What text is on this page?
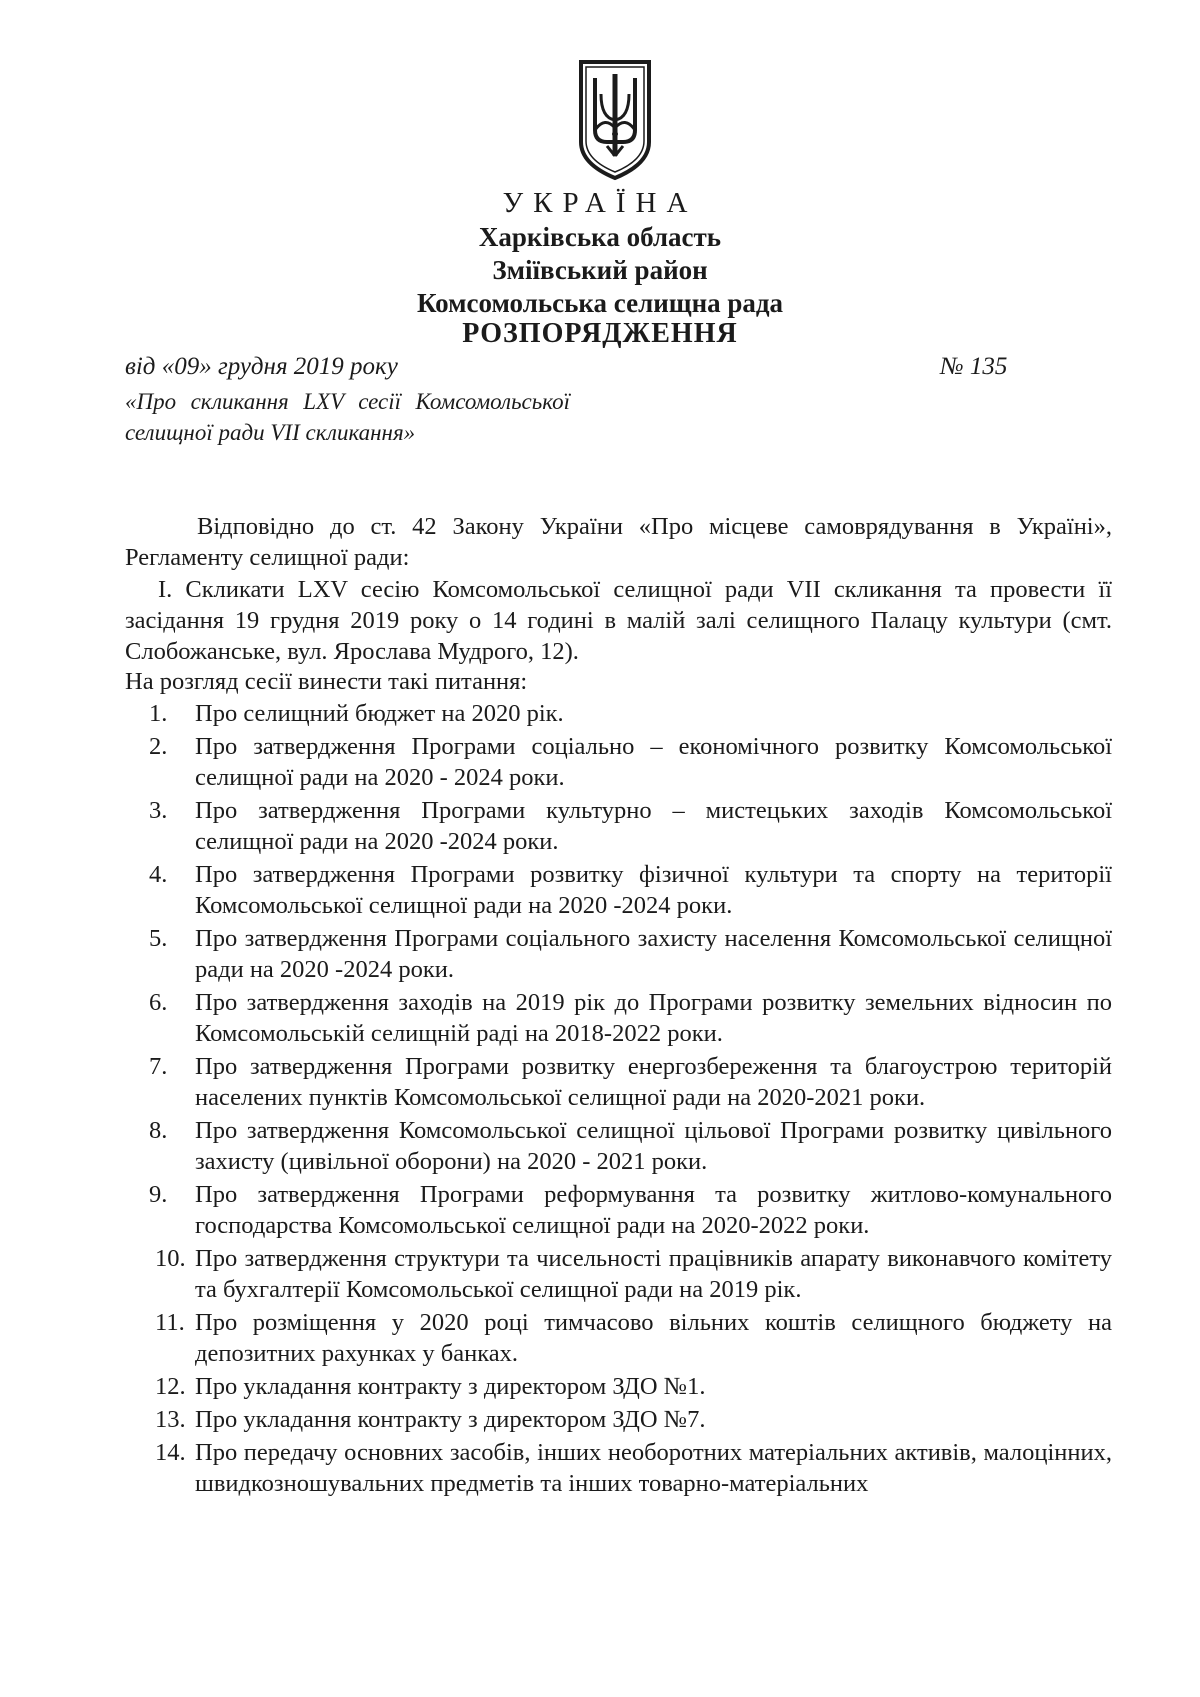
УКРАЇНА
Харківська область
Зміївський район
Комсомольська селищна рада
РОЗПОРЯДЖЕННЯ
від «09» грудня 2019 року	№ 135
«Про скликання LXV сесії Комсомольської селищної ради VII скликання»
Відповідно до ст. 42 Закону України «Про місцеве самоврядування в Україні», Регламенту селищної ради:
І. Скликати LXV сесію Комсомольської селищної ради VII скликання та провести її засідання 19 грудня 2019 року о 14 годині в малій залі селищного Палацу культури (смт. Слобожанське, вул. Ярослава Мудрого, 12).
На розгляд сесії винести такі питання:
1. Про селищний бюджет на 2020 рік.
2. Про затвердження Програми соціально – економічного розвитку Комсомольської селищної ради на 2020 - 2024 роки.
3. Про затвердження Програми культурно – мистецьких заходів Комсомольської селищної ради на 2020 -2024 роки.
4. Про затвердження Програми розвитку фізичної культури та спорту на території Комсомольської селищної ради на 2020 -2024 роки.
5. Про затвердження Програми соціального захисту населення Комсомольської селищної ради на 2020 -2024 роки.
6. Про затвердження заходів на 2019 рік до Програми розвитку земельних відносин по Комсомольській селищній раді на 2018-2022 роки.
7. Про затвердження Програми розвитку енергозбереження та благоустрою територій населених пунктів Комсомольської селищної ради на 2020-2021 роки.
8. Про затвердження Комсомольської селищної цільової Програми розвитку цивільного захисту (цивільної оборони) на 2020 - 2021 роки.
9. Про затвердження Програми реформування та розвитку житлово-комунального господарства Комсомольської селищної ради на 2020-2022 роки.
10. Про затвердження структури та чисельності працівників апарату виконавчого комітету та бухгалтерії Комсомольської селищної ради на 2019 рік.
11. Про розміщення у 2020 році тимчасово вільних коштів селищного бюджету на депозитних рахунках у банках.
12. Про укладання контракту з директором ЗДО №1.
13. Про укладання контракту з директором ЗДО №7.
14. Про передачу основних засобів, інших необоротних матеріальних активів, малоцінних, швидкозношувальних предметів та інших товарно-матеріальних
